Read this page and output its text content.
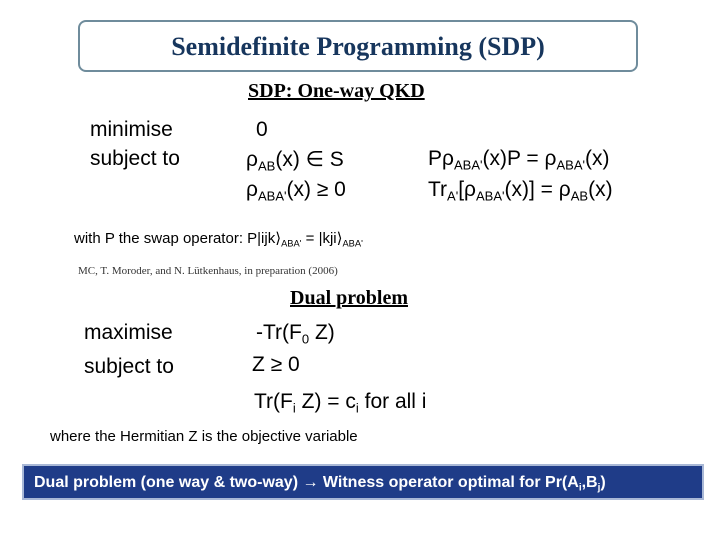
Semidefinite Programming (SDP)
SDP: One-way QKD
minimise
subject to
0
$\rho_{AB}(x)$ ∈ S
$\rho_{ABA'}(x) \ge 0$
$P\rho_{ABA'}(x)P = \rho_{ABA'}(x)$
$Tr_{A'}[\rho_{ABA'}(x)] = \rho_{AB}(x)$
with P the swap operator: $P|ijk⟩_{ABA'}$ = $|kji⟩_{ABA'}$
MC, T. Moroder, and N. Lütkenhaus, in preparation (2006)
Dual problem
maximise
subject to
$-Tr(F_0$ Z)
Z ≥ 0
$Tr(F_i$ $Z) = c_i$ for all i
where the Hermitian Z is the objective variable
Dual problem (one way & two-way) → Witness operator optimal for $Pr(A_i,B_j)$
